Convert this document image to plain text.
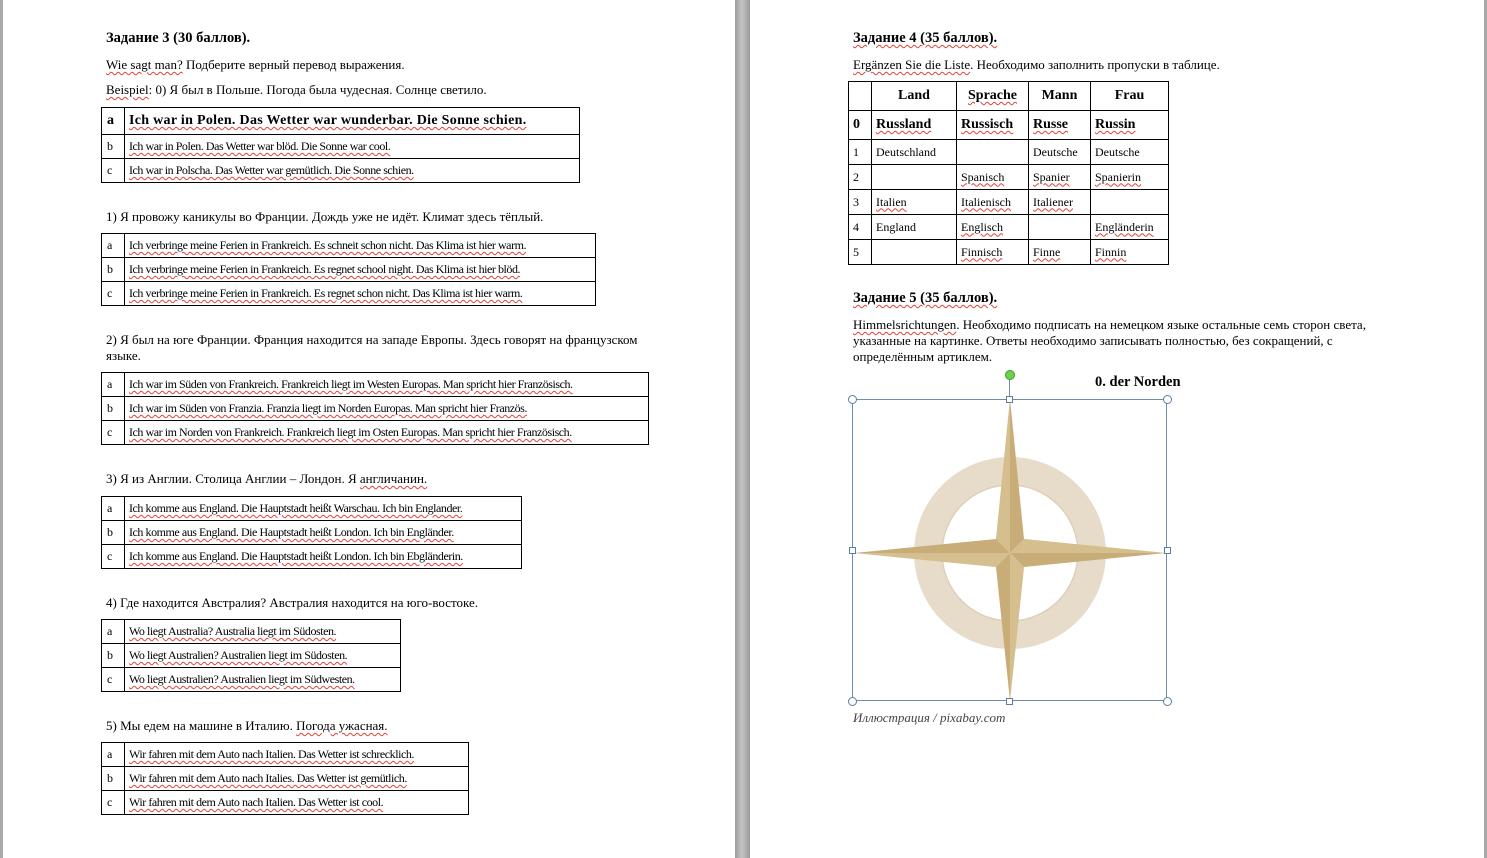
Задание 3 (30 баллов).
Wie sagt man? Подберите верный перевод выражения.
Beispiel: 0) Я был в Польше. Погода была чудесная. Солнце светило.
a	Ich war in Polen. Das Wetter war wunderbar. Die Sonne schien.
b	Ich war in Polen. Das Wetter war blöd. Die Sonne war cool.
c	Ich war in Polscha. Das Wetter war gemütlich. Die Sonne schien.
1) Я провожу каникулы во Франции. Дождь уже не идёт. Климат здесь тёплый.
a	Ich verbringe meine Ferien in Frankreich. Es schneit schon nicht. Das Klima ist hier warm.
b	Ich verbringe meine Ferien in Frankreich. Es regnet school night. Das Klima ist hier blöd.
c	Ich verbringe meine Ferien in Frankreich. Es regnet schon nicht. Das Klima ist hier warm.
2) Я был на юге Франции. Франция находится на западе Европы. Здесь говорят на французском
языке.
a	Ich war im Süden von Frankreich. Frankreich liegt im Westen Europas. Man spricht hier Französisch.
b	Ich war im Süden von Franzia. Franzia liegt im Norden Europas. Man spricht hier Französ.
c	Ich war im Norden von Frankreich. Frankreich liegt im Osten Europas. Man spricht hier Französisch.
3) Я из Англии. Столица Англии – Лондон. Я англичанин.
a	Ich komme aus England. Die Hauptstadt heißt Warschau. Ich bin Englander.
b	Ich komme aus England. Die Hauptstadt heißt London. Ich bin Engländer.
c	Ich komme aus England. Die Hauptstadt heißt London. Ich bin Ebgländerin.
4) Где находится Австралия? Австралия находится на юго-востоке.
a	Wo liegt Australia? Australia liegt im Südosten.
b	Wo liegt Australien? Australien liegt im Südosten.
c	Wo liegt Australien? Australien liegt im Südwesten.
5) Мы едем на машине в Италию. Погода ужасная.
a	Wir fahren mit dem Auto nach Italien. Das Wetter ist schrecklich.
b	Wir fahren mit dem Auto nach Italies. Das Wetter ist gemütlich.
c	Wir fahren mit dem Auto nach Italien. Das Wetter ist cool.
Задание 4 (35 баллов).
Ergänzen Sie die Liste. Необходимо заполнить пропуски в таблице.
	Land	Sprache	Mann	Frau
0	Russland	Russisch	Russe	Russin
1	Deutschland		Deutsche	Deutsche
2		Spanisch	Spanier	Spanierin
3	Italien	Italienisch	Italiener	
4	England	Englisch		Engländerin
5		Finnisch	Finne	Finnin
Задание 5 (35 баллов).
Himmelsrichtungen. Необходимо подписать на немецком языке остальные семь сторон света,
указанные на картинке. Ответы необходимо записывать полностью, без сокращений, с
определённым артиклем.
0. der Norden
Иллюстрация / pixabay.com
